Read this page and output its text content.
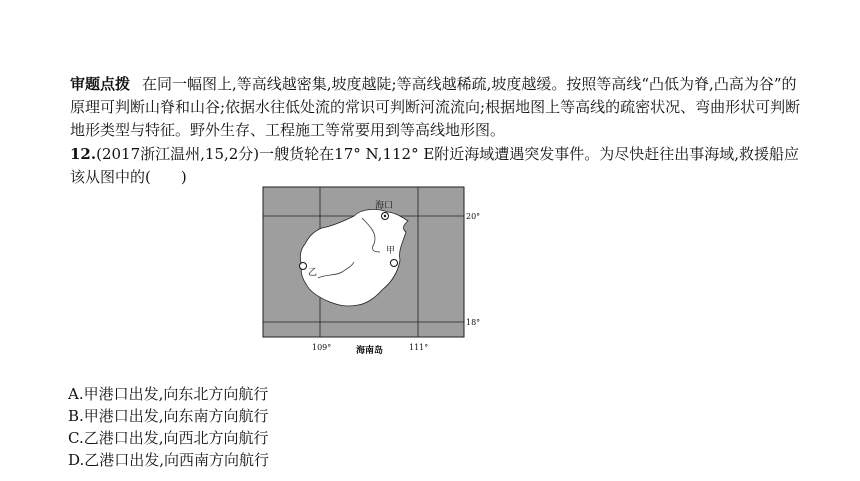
审题点拨 在同一幅图上,等高线越密集,坡度越陡;等高线越稀疏,坡度越缓。按照等高线“凸低为脊,凸高为谷”的原理可判断山脊和山谷;依据水往低处流的常识可判断河流流向;根据地图上等高线的疏密状况、弯曲形状可判断地形类型与特征。野外生存、工程施工等常要用到等高线地形图。
12.(2017浙江温州,15,2分)一艘货轮在17° N,112° E附近海域遭遇突发事件。为尽快赶往出事海域,救援船应该从图中的(　　)
海口
甲
乙
20°
18°
109°	111°
海南岛
A.甲港口出发,向东北方向航行
B.甲港口出发,向东南方向航行
C.乙港口出发,向西北方向航行
D.乙港口出发,向西南方向航行
